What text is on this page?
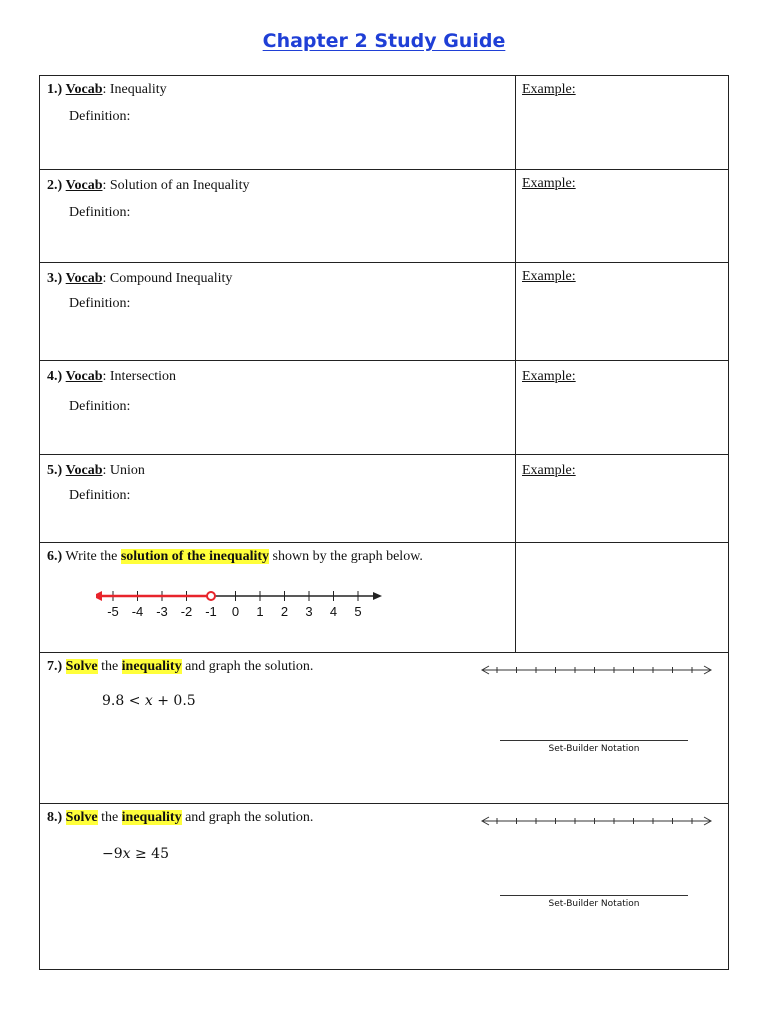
Chapter 2 Study Guide
1.) Vocab: Inequality
Definition:
Example:
2.) Vocab: Solution of an Inequality
Definition:
Example:
3.) Vocab: Compound Inequality
Definition:
Example:
4.) Vocab: Intersection
Definition:
Example:
5.) Vocab: Union
Definition:
Example:
6.) Write the solution of the inequality shown by the graph below.
-5 -4 -3 -2 -1 0 1 2 3 4 5
7.) Solve the inequality and graph the solution.
9.8 < 𝑥 + 0.5
Set-Builder Notation
8.) Solve the inequality and graph the solution.
−9𝑥 ≥ 45
Set-Builder Notation
